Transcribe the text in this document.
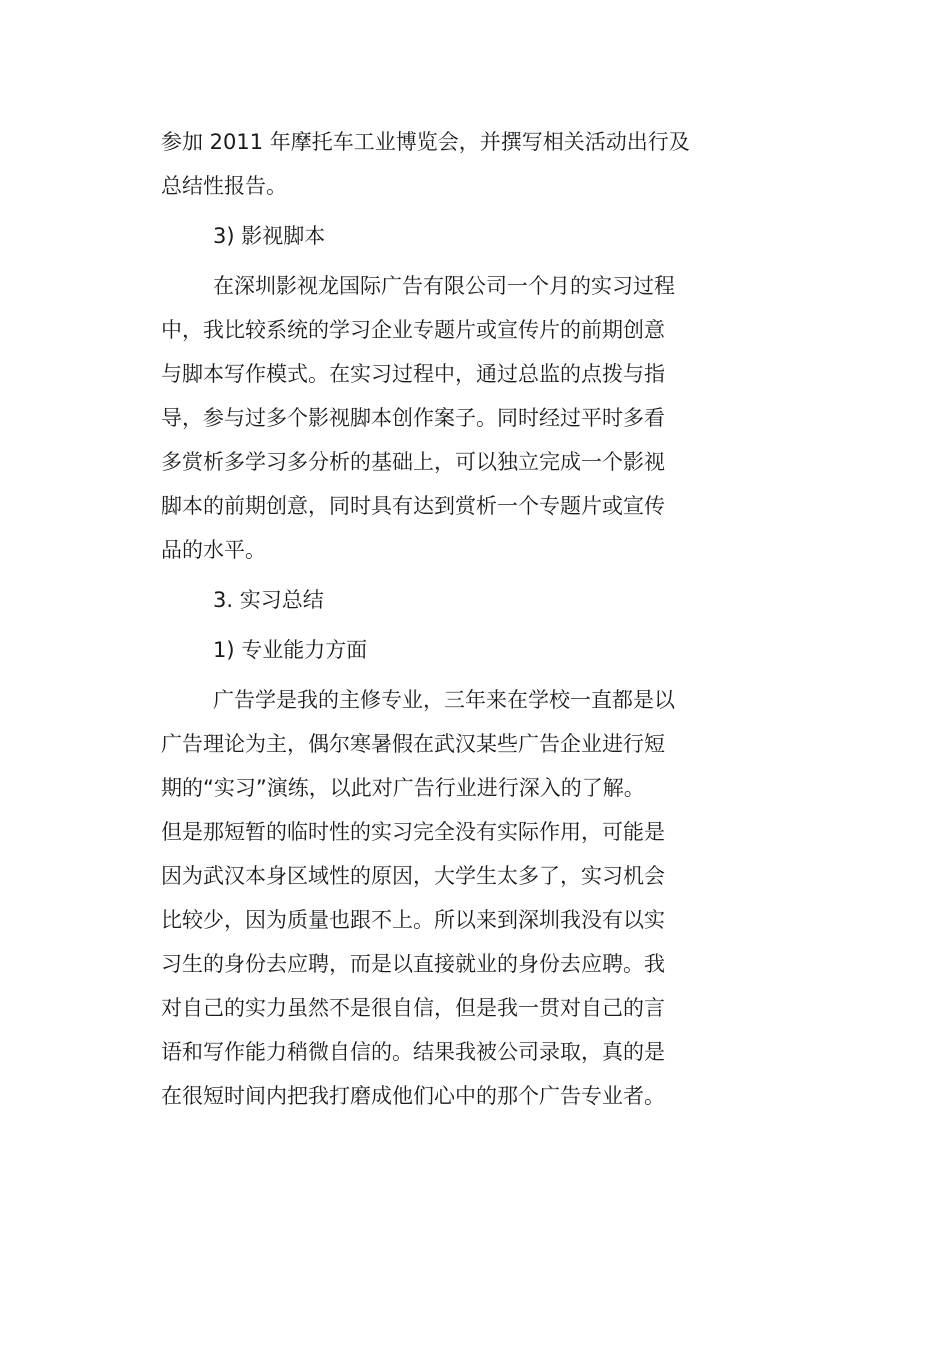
参加 2011 年摩托车工业博览会，并撰写相关活动出行及
总结性报告。
3) 影视脚本
在深圳影视龙国际广告有限公司一个月的实习过程
中，我比较系统的学习企业专题片或宣传片的前期创意
与脚本写作模式。在实习过程中，通过总监的点拨与指
导，参与过多个影视脚本创作案子。同时经过平时多看
多赏析多学习多分析的基础上，可以独立完成一个影视
脚本的前期创意，同时具有达到赏析一个专题片或宣传
品的水平。
3. 实习总结
1) 专业能力方面
广告学是我的主修专业，三年来在学校一直都是以
广告理论为主，偶尔寒暑假在武汉某些广告企业进行短
期的“实习”演练，以此对广告行业进行深入的了解。
但是那短暂的临时性的实习完全没有实际作用，可能是
因为武汉本身区域性的原因，大学生太多了，实习机会
比较少，因为质量也跟不上。所以来到深圳我没有以实
习生的身份去应聘，而是以直接就业的身份去应聘。我
对自己的实力虽然不是很自信，但是我一贯对自己的言
语和写作能力稍微自信的。结果我被公司录取，真的是
在很短时间内把我打磨成他们心中的那个广告专业者。
